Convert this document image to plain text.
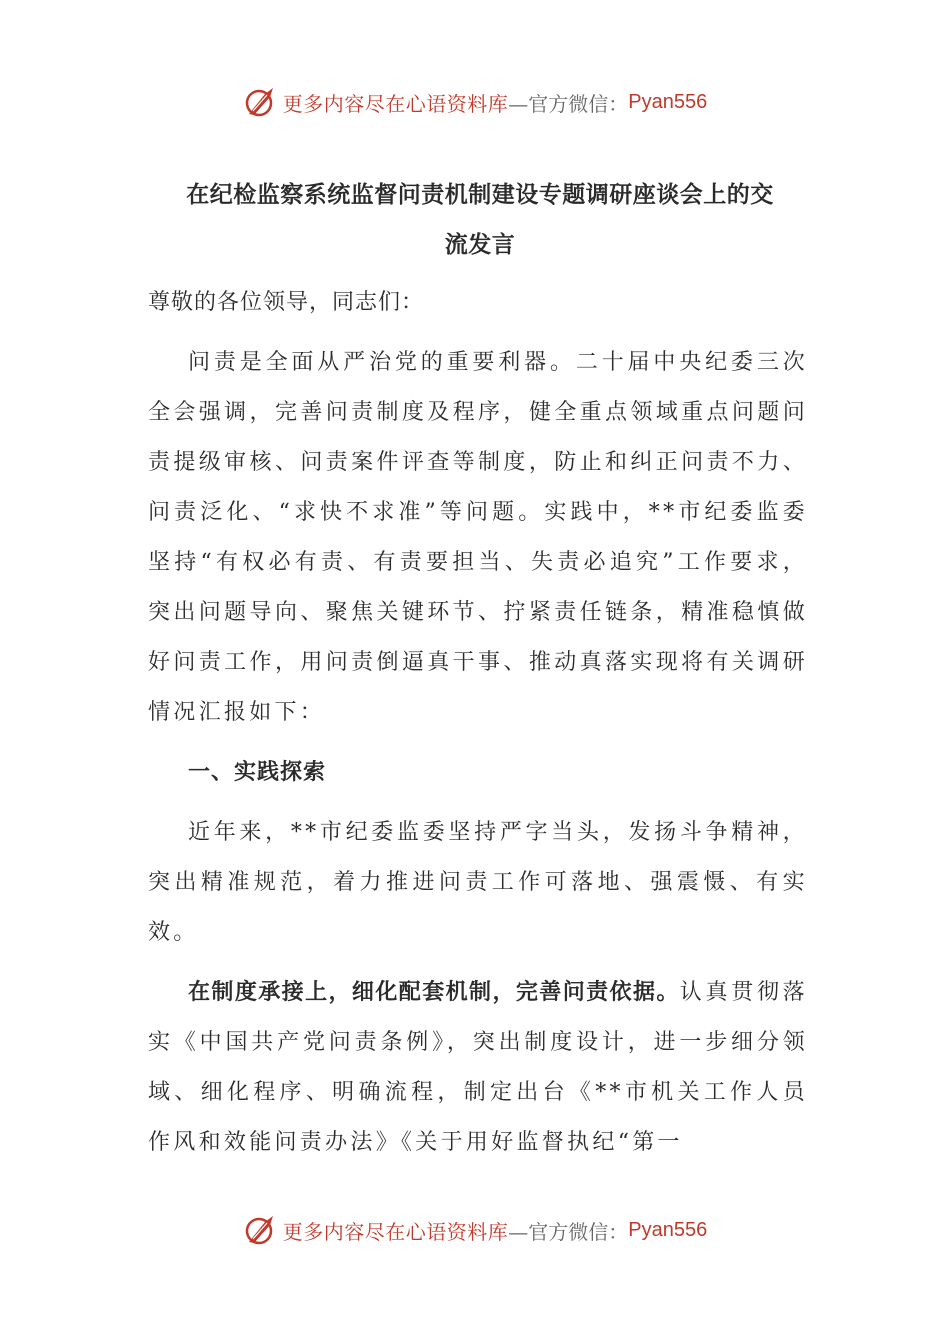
更多内容尽在心语资料库 —官方微信： Pyan556
在纪检监察系统监督问责机制建设专题调研座谈会上的交
流发言
尊敬的各位领导，同志们：

问责是全面从严治党的重要利器。二十届中央纪委三次全会强调，完善问责制度及程序，健全重点领域重点问题问责提级审核、问责案件评查等制度，防止和纠正问责不力、问责泛化、“求快不求准”等问题。实践中，**市纪委监委坚持“有权必有责、有责要担当、失责必追究”工作要求，突出问题导向、聚焦关键环节、拧紧责任链条，精准稳慎做好问责工作，用问责倒逼真干事、推动真落实现将有关调研情况汇报如下：

一、实践探索

近年来，**市纪委监委坚持严字当头，发扬斗争精神，突出精准规范，着力推进问责工作可落地、强震慑、有实效。

在制度承接上，细化配套机制，完善问责依据。认真贯彻落实《中国共产党问责条例》，突出制度设计，进一步细分领域、细化程序、明确流程，制定出台《**市机关工作人员作风和效能问责办法》《关于用好监督执纪“第一

更多内容尽在心语资料库 —官方微信： Pyan556
